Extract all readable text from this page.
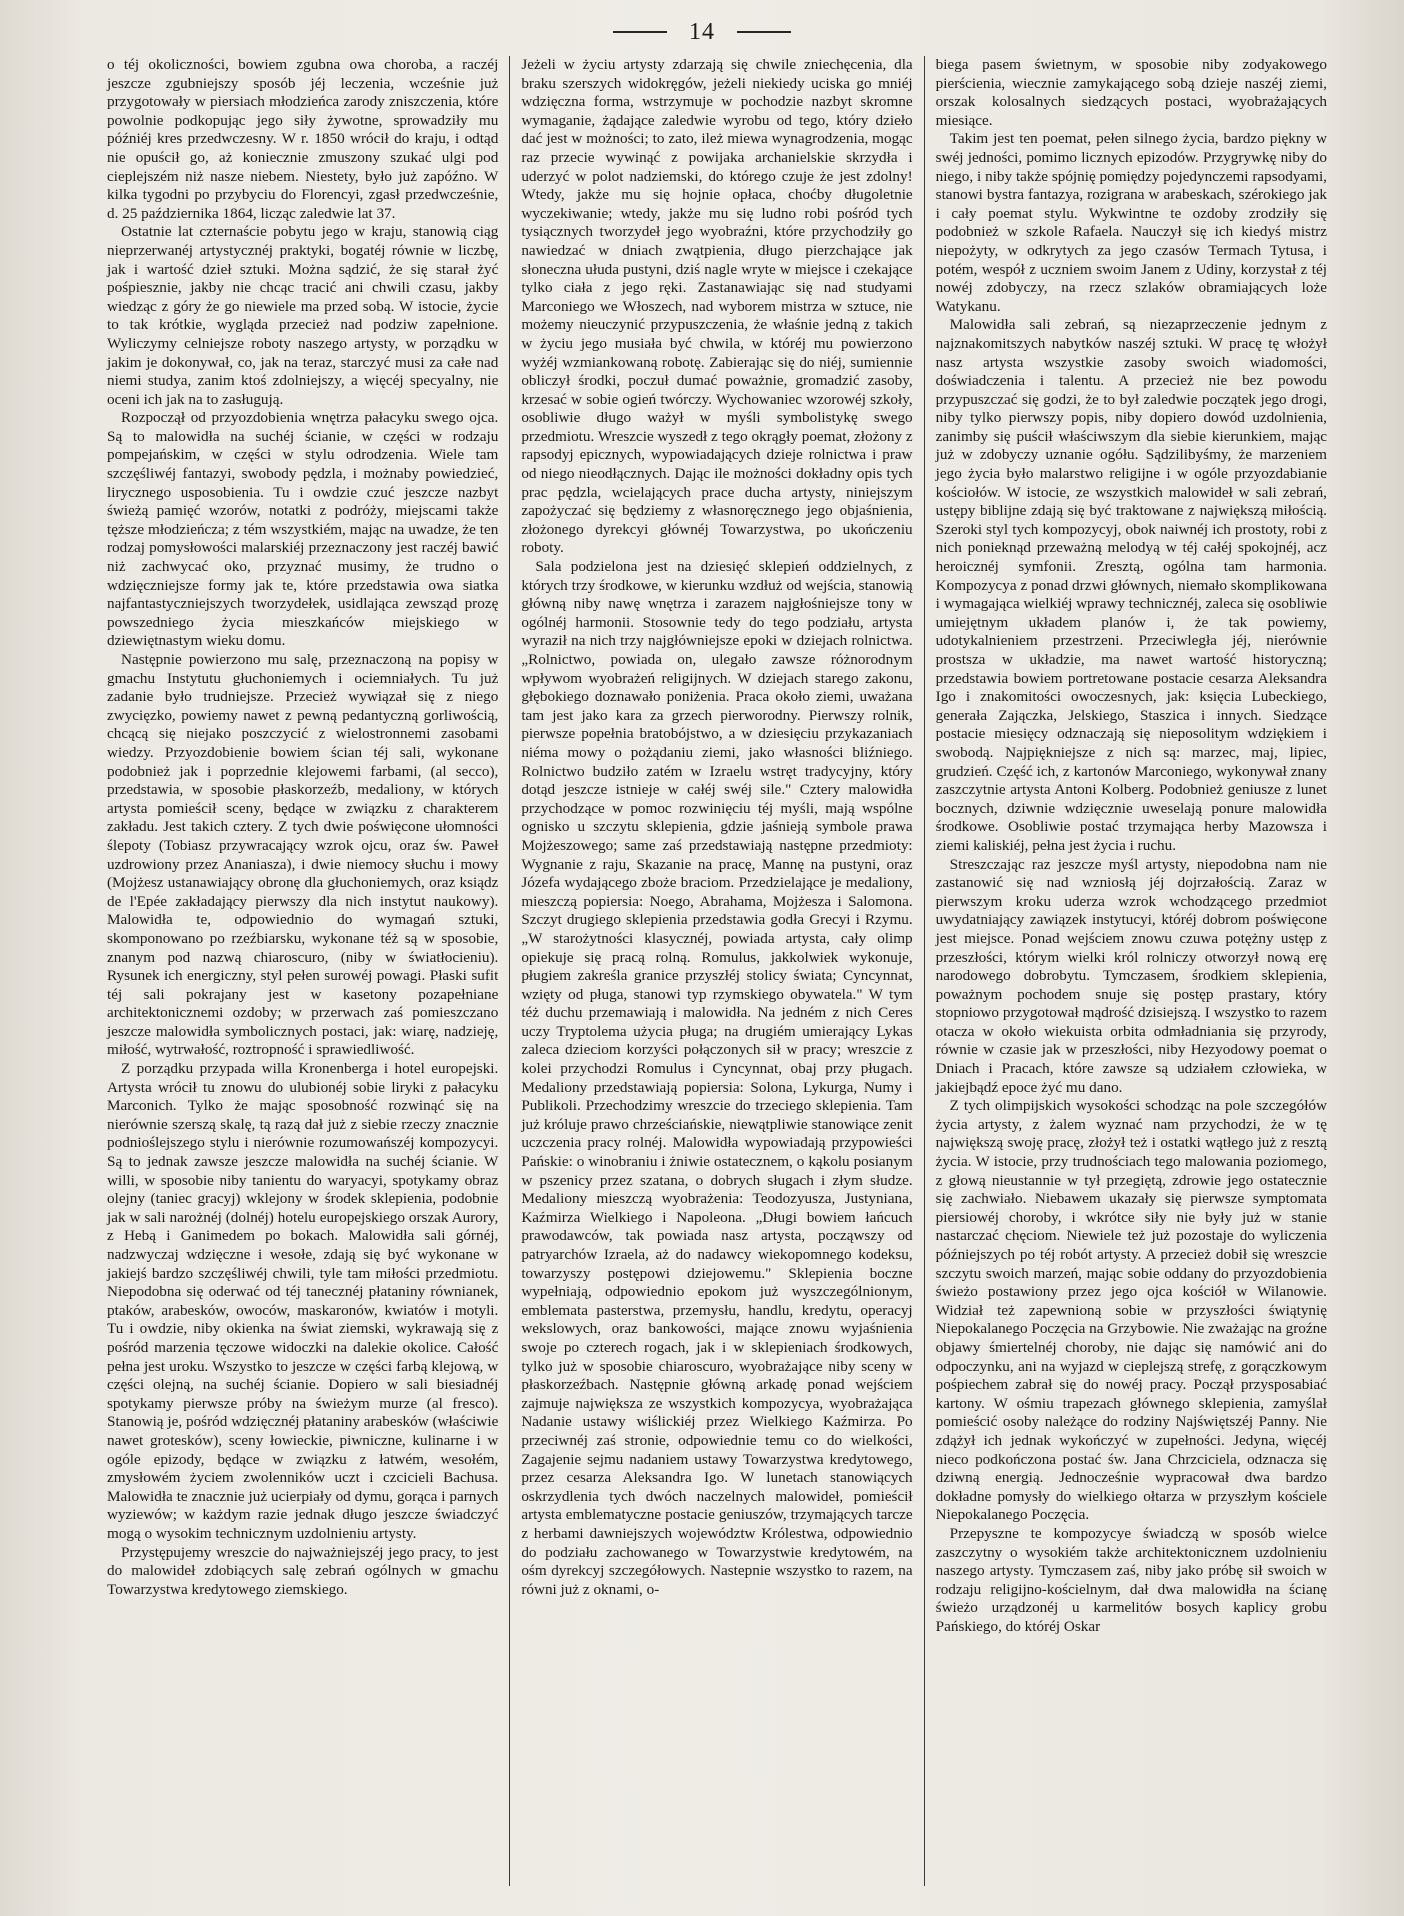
14

o téj okoliczności, bowiem zgubna owa choroba, a raczéj jeszcze zgubniejszy sposób jéj leczenia, wcześnie już przygotowały w piersiach młodzieńca zarody zniszczenia, które powolnie podkopując jego siły żywotne, sprowadziły mu późniéj kres przedwczesny. W r. 1850 wrócił do kraju, i odtąd nie opuścił go, aż koniecznie zmuszony szukać ulgi pod cieplejszém niż nasze niebem. Niestety, było już zapóźno. W kilka tygodni po przybyciu do Florencyi, zgasł przedwcześnie, d. 25 października 1864, licząc zaledwie lat 37.

Ostatnie lat czternaście pobytu jego w kraju, stanowią ciąg nieprzerwanéj artystycznéj praktyki, bogatéj równie w liczbę, jak i wartość dzieł sztuki. Można sądzić, że się starał żyć pośpiesznie, jakby nie chcąc tracić ani chwili czasu, jakby wiedząc z góry że go niewiele ma przed sobą. W istocie, życie to tak krótkie, wygląda przecież nad podziw zapełnione. Wyliczymy celniejsze roboty naszego artysty, w porządku w jakim je dokonywał, co, jak na teraz, starczyć musi za całe nad niemi studya, zanim ktoś zdolniejszy, a więcéj specyalny, nie oceni ich jak na to zasługują.

Rozpoczął od przyozdobienia wnętrza pałacyku swego ojca. Są to malowidła na suchéj ścianie, w części w rodzaju pompejańskim, w części w stylu odrodzenia. Wiele tam szczęśliwéj fantazyi, swobody pędzla, i możnaby powiedzieć, lirycznego usposobienia. Tu i owdzie czuć jeszcze nazbyt świeżą pamięć wzorów, notatki z podróży, miejscami także tęższe młodzieńcza; z tém wszystkiém, mając na uwadze, że ten rodzaj pomysłowości malarskiéj przeznaczony jest raczéj bawić niż zachwycać oko, przyznać musimy, że trudno o wdzięczniejsze formy jak te, które przedstawia owa siatka najfantastyczniejszych tworzydełek, usidlająca zewsząd prozę powszedniego życia mieszkańców miejskiego w dziewiętnastym wieku domu.

Następnie powierzono mu salę, przeznaczoną na popisy w gmachu Instytutu głuchoniemych i ociemniałych. Tu już zadanie było trudniejsze. Przecież wywiązał się z niego zwycięzko, powiemy nawet z pewną pedantyczną gorliwością, chcącą się niejako poszczycić z wielostronnemi zasobami wiedzy. Przyozdobienie bowiem ścian téj sali, wykonane podobnież jak i poprzednie klejowemi farbami, (al secco), przedstawia, w sposobie płaskorzeźb, medaliony, w których artysta pomieścił sceny, będące w związku z charakterem zakładu. Jest takich cztery. Z tych dwie poświęcone ułomności ślepoty (Tobiasz przywracający wzrok ojcu, oraz św. Paweł uzdrowiony przez Ananiasza), i dwie niemocy słuchu i mowy (Mojżesz ustanawiający obronę dla głuchoniemych, oraz ksiądz de l'Epée zakładający pierwszy dla nich instytut naukowy). Malowidła te, odpowiednio do wymagań sztuki, skomponowano po rzeźbiarsku, wykonane téż są w sposobie, znanym pod nazwą chiaroscuro, (niby w światłocieniu). Rysunek ich energiczny, styl pełen surowéj powagi. Płaski sufit téj sali pokrajany jest w kasetony pozapełniane architektonicznemi ozdoby; w przerwach zaś pomieszczano jeszcze malowidła symbolicznych postaci, jak: wiarę, nadzieję, miłość, wytrwałość, roztropność i sprawiedliwość.

Z porządku przypada willa Kronenberga i hotel europejski. Artysta wrócił tu znowu do ulubionéj sobie liryki z pałacyku Marconich. Tylko że mając sposobność rozwinąć się na nierównie szerszą skalę, tą razą dał już z siebie rzeczy znacznie podnioślejszego stylu i nierównie rozumowańszéj kompozycyi. Są to jednak zawsze jeszcze malowidła na suchéj ścianie. W willi, w sposobie niby tanientu do waryacyi, spotykamy obraz olejny (taniec gracyj) wklejony w środek sklepienia, podobnie jak w sali narożnéj (dolnéj) hotelu europejskiego orszak Aurory, z Hebą i Ganimedem po bokach. Malowidła sali górnéj, nadzwyczaj wdzięczne i wesołe, zdają się być wykonane w jakiejś bardzo szczęśliwéj chwili, tyle tam miłości przedmiotu. Niepodobna się oderwać od téj tanecznéj płataniny równianek, ptaków, arabesków, owoców, maskaronów, kwiatów i motyli. Tu i owdzie, niby okienka na świat ziemski, wykrawają się z pośród marzenia tęczowe widoczki na dalekie okolice. Całość pełna jest uroku. Wszystko to jeszcze w części farbą klejową, w części olejną, na suchéj ścianie. Dopiero w sali biesiadnéj spotykamy pierwsze próby na świeżym murze (al fresco). Stanowią je, pośród wdzięcznéj płataniny arabesków (właściwie nawet grotesków), sceny łowieckie, piwniczne, kulinarne i w ogóle epizody, będące w związku z łatwém, wesołém, zmysłowém życiem zwolenników uczt i czcicieli Bachusa. Malowidła te znacznie już ucierpiały od dymu, gorąca i parnych wyziewów; w każdym razie jednak długo jeszcze świadczyć mogą o wysokim technicznym uzdolnieniu artysty.

Przystępujemy wreszcie do najważniejszéj jego pracy, to jest do malowideł zdobiących salę zebrań ogólnych w gmachu Towarzystwa kredytowego ziemskiego.

Jeżeli w życiu artysty zdarzają się chwile zniechęcenia, dla braku szerszych widokręgów, jeżeli niekiedy uciska go mniéj wdzięczna forma, wstrzymuje w pochodzie nazbyt skromne wymaganie, żądające zaledwie wyrobu od tego, który dzieło dać jest w możności; to zato, ileż miewa wynagrodzenia, mogąc raz przecie wywinąć z powijaka archanielskie skrzydła i uderzyć w polot nadziemski, do którego czuje że jest zdolny! Wtedy, jakże mu się hojnie opłaca, choćby długoletnie wyczekiwanie; wtedy, jakże mu się ludno robi pośród tych tysiącznych tworzydeł jego wyobraźni, które przychodziły go nawiedzać w dniach zwątpienia, długo pierzchające jak słoneczna ułuda pustyni, dziś nagle wryte w miejsce i czekające tylko ciała z jego ręki. Zastanawiając się nad studyami Marconiego we Włoszech, nad wyborem mistrza w sztuce, nie możemy nieuczynić przypuszczenia, że właśnie jedną z takich w życiu jego musiała być chwila, w któréj mu powierzono wyżéj wzmiankowaną robotę. Zabierając się do niéj, sumiennie obliczył środki, poczuł dumać poważnie, gromadzić zasoby, krzesać w sobie ogień twórczy. Wychowaniec wzorowéj szkoły, osobliwie długo ważył w myśli symbolistykę swego przedmiotu. Wreszcie wyszedł z tego okrągły poemat, złożony z rapsodyj epicznych, wypowiadających dzieje rolnictwa i praw od niego nieodłącznych. Dając ile możności dokładny opis tych prac pędzla, wcielających prace ducha artysty, niniejszym zapożyczać się będziemy z własnoręcznego jego objaśnienia, złożonego dyrekcyi głównéj Towarzystwa, po ukończeniu roboty.

Sala podzielona jest na dziesięć sklepień oddzielnych, z których trzy środkowe, w kierunku wzdłuż od wejścia, stanowią główną niby nawę wnętrza i zarazem najgłośniejsze tony w ogólnéj harmonii. Stosownie tedy do tego podziału, artysta wyraził na nich trzy najgłówniejsze epoki w dziejach rolnictwa. „Rolnictwo, powiada on, ulegało zawsze różnorodnym wpływom wyobrażeń religijnych. W dziejach starego zakonu, głębokiego doznawało poniżenia. Praca około ziemi, uważana tam jest jako kara za grzech pierworodny. Pierwszy rolnik, pierwsze popełnia bratobójstwo, a w dziesięciu przykazaniach niéma mowy o pożądaniu ziemi, jako własności bliźniego. Rolnictwo budziło zatém w Izraelu wstręt tradycyjny, który dotąd jeszcze istnieje w całéj swéj sile." Cztery malowidła przychodzące w pomoc rozwinięciu téj myśli, mają wspólne ognisko u szczytu sklepienia, gdzie jaśnieją symbole prawa Mojżeszowego; same zaś przedstawiają następne przedmioty: Wygnanie z raju, Skazanie na pracę, Mannę na pustyni, oraz Józefa wydającego zboże braciom. Przedzielające je medaliony, mieszczą popiersia: Noego, Abrahama, Mojżesza i Salomona. Szczyt drugiego sklepienia przedstawia godła Grecyi i Rzymu. „W starożytności klasycznéj, powiada artysta, cały olimp opiekuje się pracą rolną. Romulus, jakkolwiek wykonuje, pługiem zakreśla granice przyszłéj stolicy świata; Cyncynnat, wzięty od pługa, stanowi typ rzymskiego obywatela." W tym téż duchu przemawiają i malowidła. Na jedném z nich Ceres uczy Tryptolema użycia pługa; na drugiém umierający Lykas zaleca dzieciom korzyści połączonych sił w pracy; wreszcie z kolei przychodzi Romulus i Cyncynnat, obaj przy pługach. Medaliony przedstawiają popiersia: Solona, Lykurga, Numy i Publikoli. Przechodzimy wreszcie do trzeciego sklepienia. Tam już króluje prawo chrześciańskie, niewątpliwie stanowiące zenit uczczenia pracy rolnéj. Malowidła wypowiadają przypowieści Pańskie: o winobraniu i żniwie ostatecznem, o kąkolu posianym w pszenicy przez szatana, o dobrych sługach i złym słudze. Medaliony mieszczą wyobrażenia: Teodozyusza, Justyniana, Kaźmirza Wielkiego i Napoleona. „Długi bowiem łańcuch prawodawców, tak powiada nasz artysta, począwszy od patryarchów Izraela, aż do nadawcy wiekopomnego kodeksu, towarzyszy postępowi dziejowemu." Sklepienia boczne wypełniają, odpowiednio epokom już wyszczególnionym, emblemata pasterstwa, przemysłu, handlu, kredytu, operacyj wekslowych, oraz bankowości, mające znowu wyjaśnienia swoje po czterech rogach, jak i w sklepieniach środkowych, tylko już w sposobie chiaroscuro, wyobrażające niby sceny w płaskorzeźbach. Następnie główną arkadę ponad wejściem zajmuje największa ze wszystkich kompozycya, wyobrażająca Nadanie ustawy wiślickiéj przez Wielkiego Kaźmirza. Po przeciwnéj zaś stronie, odpowiednie temu co do wielkości, Zagajenie sejmu nadaniem ustawy Towarzystwa kredytowego, przez cesarza Aleksandra Igo. W lunetach stanowiących oskrzydlenia tych dwóch naczelnych malowideł, pomieścił artysta emblematyczne postacie geniuszów, trzymających tarcze z herbami dawniejszych województw Królestwa, odpowiednio do podziału zachowanego w Towarzystwie kredytowém, na ośm dyrekcyj szczegółowych. Nastepnie wszystko to razem, na równi już z oknami, o-

biega pasem świetnym, w sposobie niby zodyakowego pierścienia, wiecznie zamykającego sobą dzieje naszéj ziemi, orszak kolosalnych siedzących postaci, wyobrażających miesiące.

Takim jest ten poemat, pełen silnego życia, bardzo piękny w swéj jedności, pomimo licznych epizodów. Przygrywkę niby do niego, i niby także spójnię pomiędzy pojedynczemi rapsodyami, stanowi bystra fantazya, rozigrana w arabeskach, szérokiego jak i cały poemat stylu. Wykwintne te ozdoby zrodziły się podobnież w szkole Rafaela. Nauczył się ich kiedyś mistrz niepożyty, w odkrytych za jego czasów Termach Tytusa, i potém, wespół z uczniem swoim Janem z Udiny, korzystał z téj nowéj zdobyczy, na rzecz szlaków obramiających loże Watykanu.

Malowidła sali zebrań, są niezaprzeczenie jednym z najznakomitszych nabytków naszéj sztuki. W pracę tę włożył nasz artysta wszystkie zasoby swoich wiadomości, doświadczenia i talentu. A przecież nie bez powodu przypuszczać się godzi, że to był zaledwie początek jego drogi, niby tylko pierwszy popis, niby dopiero dowód uzdolnienia, zanimby się puścił właściwszym dla siebie kierunkiem, mając już w zdobyczy uznanie ogółu. Sądzilibyśmy, że marzeniem jego życia było malarstwo religijne i w ogóle przyozdabianie kościołów. W istocie, ze wszystkich malowideł w sali zebrań, ustępy biblijne zdają się być traktowane z największą miłością. Szeroki styl tych kompozycyj, obok naiwnéj ich prostoty, robi z nich ponieknąd przeważną melodyą w téj całéj spokojnéj, acz heroicznéj symfonii. Zresztą, ogólna tam harmonia. Kompozycya z ponad drzwi głównych, niemało skomplikowana i wymagająca wielkiéj wprawy technicznéj, zaleca się osobliwie umiejętnym układem planów i, że tak powiemy, udotykalnieniem przestrzeni. Przeciwległa jéj, nierównie prostsza w układzie, ma nawet wartość historyczną; przedstawia bowiem portretowane postacie cesarza Aleksandra Igo i znakomitości owoczesnych, jak: księcia Lubeckiego, generała Zajączka, Jelskiego, Staszica i innych. Siedzące postacie miesięcy odznaczają się nieposolitym wdziękiem i swobodą. Najpiękniejsze z nich są: marzec, maj, lipiec, grudzień. Część ich, z kartonów Marconiego, wykonywał znany zaszczytnie artysta Antoni Kolberg. Podobnież geniusze z lunet bocznych, dziwnie wdzięcznie uweselają ponure malowidła środkowe. Osobliwie postać trzymająca herby Mazowsza i ziemi kaliskiéj, pełna jest życia i ruchu.

Streszczając raz jeszcze myśl artysty, niepodobna nam nie zastanowić się nad wzniosłą jéj dojrzałością. Zaraz w pierwszym kroku uderza wzrok wchodzącego przedmiot uwydatniający zawiązek instytucyi, któréj dobrom poświęcone jest miejsce. Ponad wejściem znowu czuwa potężny ustęp z przeszłości, którym wielki król rolniczy otworzył nową erę narodowego dobrobytu. Tymczasem, środkiem sklepienia, poważnym pochodem snuje się postęp prastary, który stopniowo przygotował mądrość dzisiejszą. I wszystko to razem otacza w około wiekuista orbita odmładniania się przyrody, równie w czasie jak w przeszłości, niby Hezyodowy poemat o Dniach i Pracach, które zawsze są udziałem człowieka, w jakiejbądź epoce żyć mu dano.

Z tych olimpijskich wysokości schodząc na pole szczegółów życia artysty, z żalem wyznać nam przychodzi, że w tę największą swoję pracę, złożył też i ostatki wątłego już z resztą życia. W istocie, przy trudnościach tego malowania poziomego, z głową nieustannie w tył przegiętą, zdrowie jego ostatecznie się zachwiało. Niebawem ukazały się pierwsze symptomata piersiowéj choroby, i wkrótce siły nie były już w stanie nastarczać chęciom. Niewiele też już pozostaje do wyliczenia późniejszych po téj robót artysty. A przecież dobił się wreszcie szczytu swoich marzeń, mając sobie oddany do przyozdobienia świeżo postawiony przez jego ojca kościół w Wilanowie. Widział też zapewnioną sobie w przyszłości świątynię Niepokalanego Poczęcia na Grzybowie. Nie zważając na groźne objawy śmiertelnéj choroby, nie dając się namówić ani do odpoczynku, ani na wyjazd w cieplejszą strefę, z gorączkowym pośpiechem zabrał się do nowéj pracy. Począł przysposabiać kartony. W ośmiu trapezach głównego sklepienia, zamyślał pomieścić osoby należące do rodziny Najświętszéj Panny. Nie zdążył ich jednak wykończyć w zupełności. Jedyna, więcéj nieco podkończona postać św. Jana Chrzciciela, odznacza się dziwną energią. Jednocześnie wypracował dwa bardzo dokładne pomysły do wielkiego ołtarza w przyszłym kościele Niepokalanego Poczęcia.

Przepyszne te kompozycye świadczą w sposób wielce zaszczytny o wysokiém także architektonicznem uzdolnieniu naszego artysty. Tymczasem zaś, niby jako próbę sił swoich w rodzaju religijno-kościelnym, dał dwa malowidła na ścianę świeżo urządzonéj u karmelitów bosych kaplicy grobu Pańskiego, do któréj Oskar
